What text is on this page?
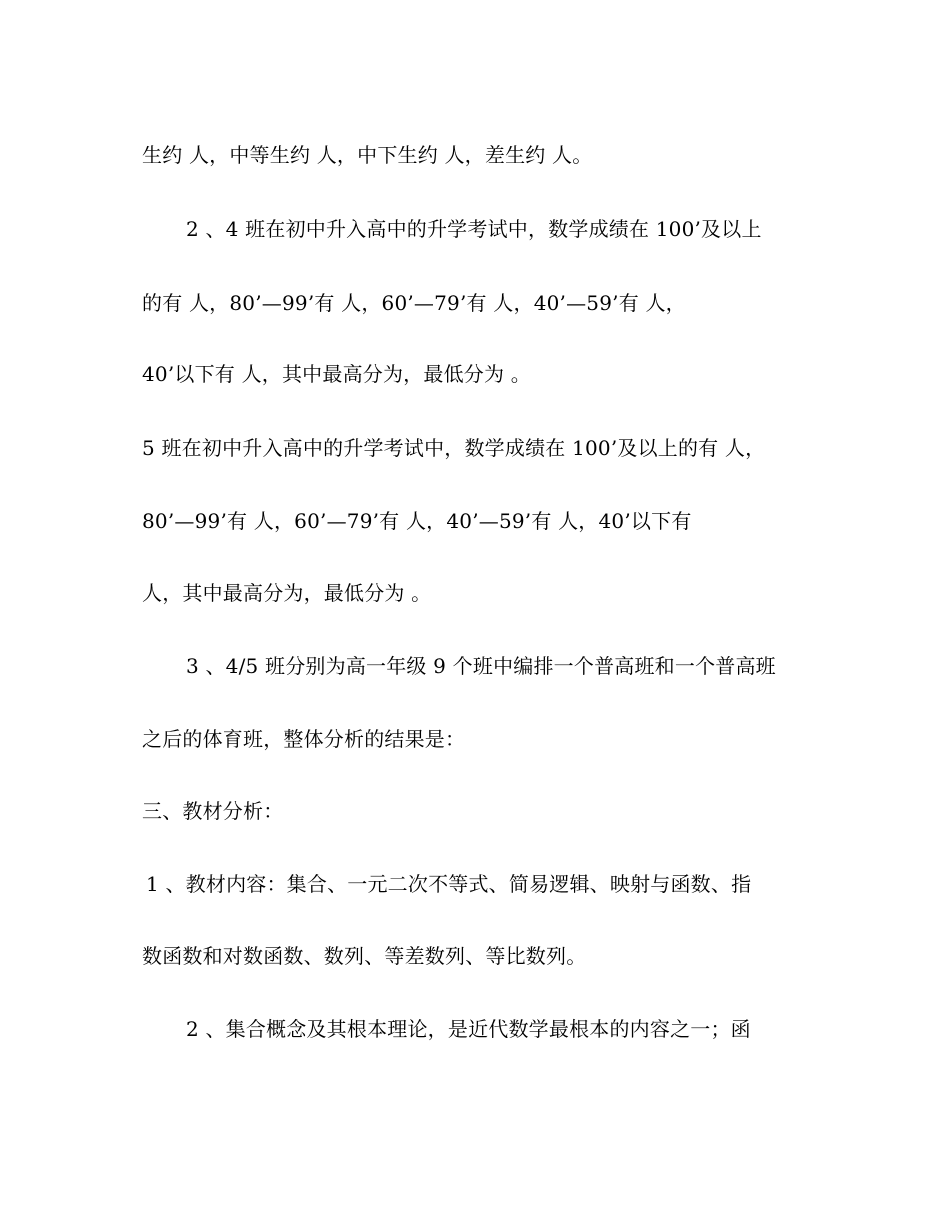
生约 人，中等生约 人，中下生约 人，差生约 人。
2 、4 班在初中升入高中的升学考试中，数学成绩在 100’及以上
的有 人，80’—99’有 人，60’—79’有 人，40’—59’有 人，
40’以下有 人，其中最高分为，最低分为 。
5 班在初中升入高中的升学考试中，数学成绩在 100’及以上的有 人，
80’—99’有 人，60’—79’有 人，40’—59’有 人，40’以下有
人，其中最高分为，最低分为 。
3 、4/5 班分别为高一年级 9 个班中编排一个普高班和一个普高班
之后的体育班，整体分析的结果是：
三、教材分析：
1 、教材内容：集合、一元二次不等式、简易逻辑、映射与函数、指
数函数和对数函数、数列、等差数列、等比数列。
2 、集合概念及其根本理论，是近代数学最根本的内容之一；函
